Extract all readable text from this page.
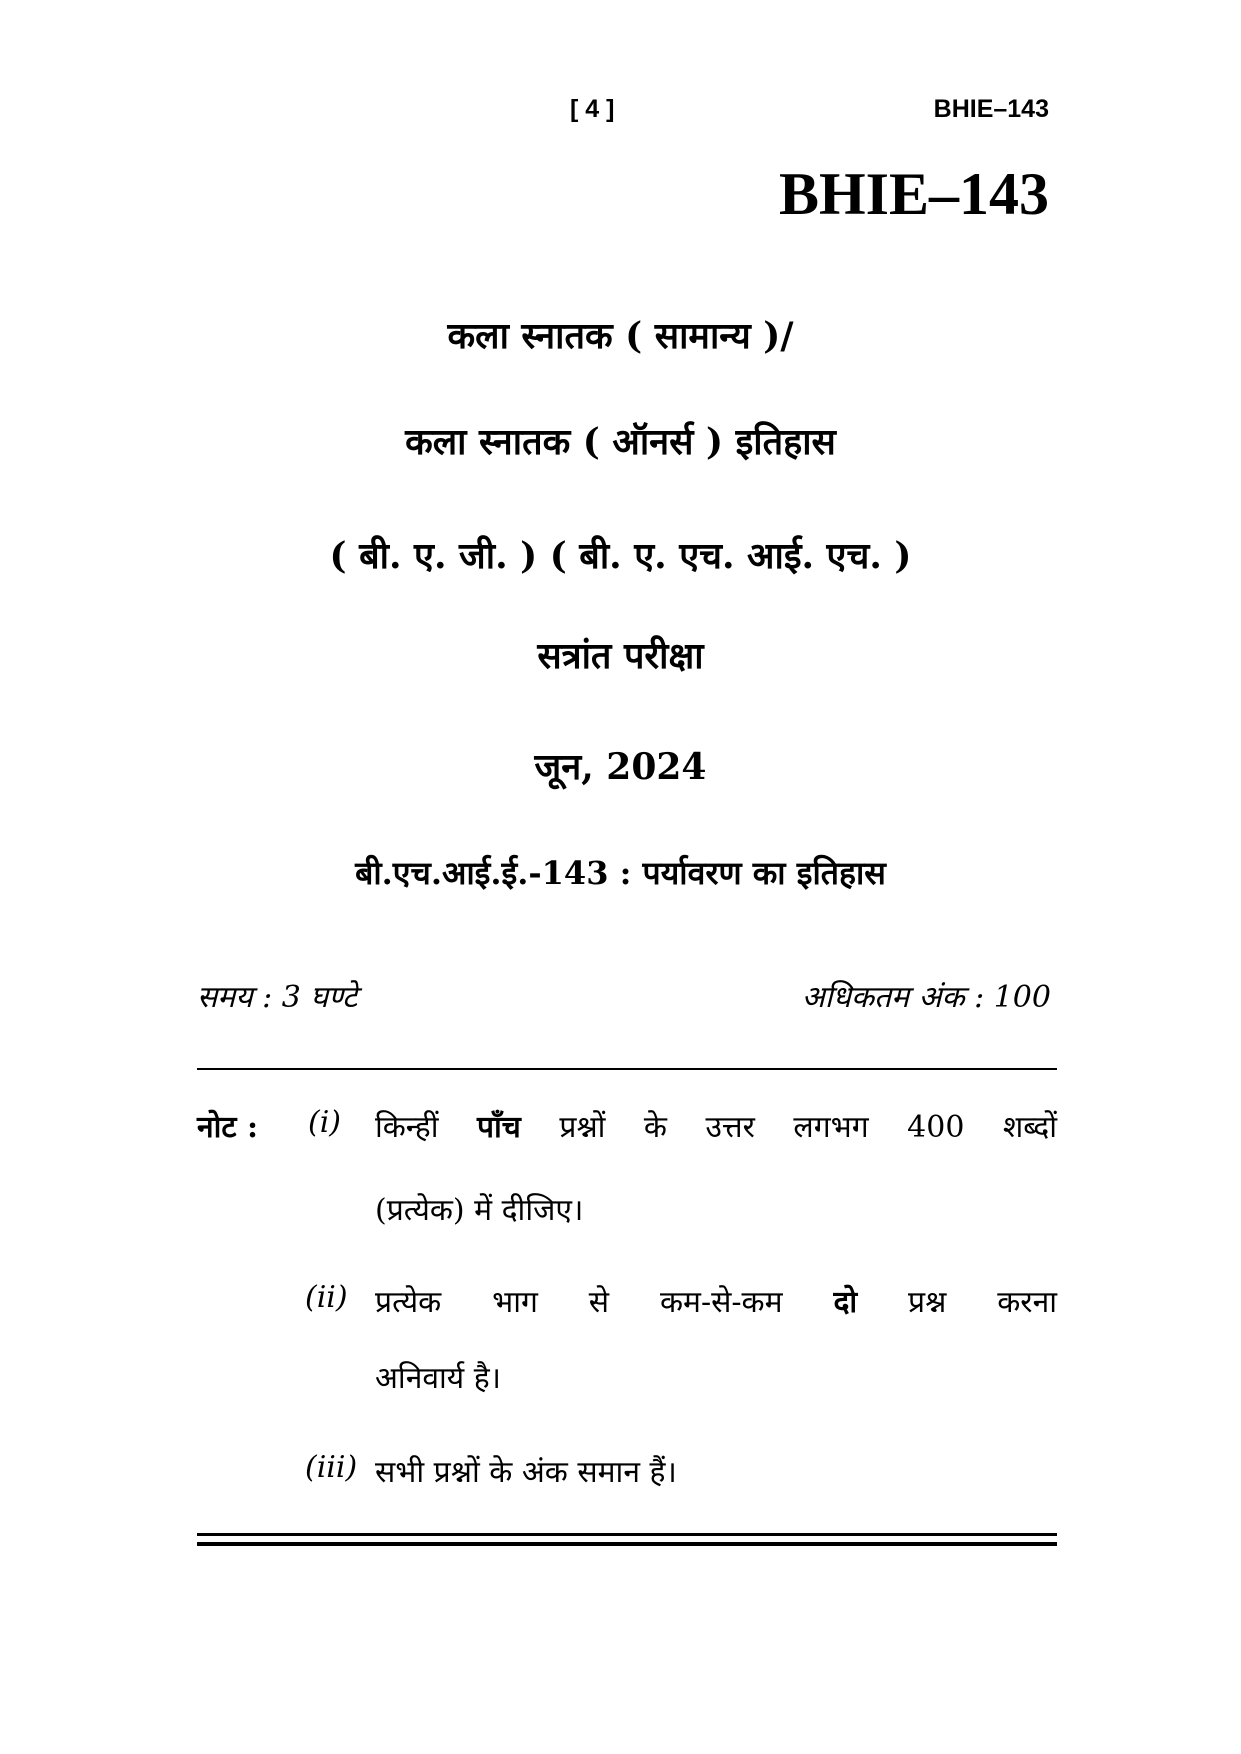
[ 4 ]	BHIE–143
BHIE–143
कला स्नातक ( सामान्य )/
कला स्नातक ( ऑनर्स ) इतिहास
( बी. ए. जी. ) ( बी. ए. एच. आई. एच. )
सत्रांत परीक्षा
जून, 2024
बी.एच.आई.ई.-143 : पर्यावरण का इतिहास
समय : 3 घण्टे	अधिकतम अंक : 100
नोट : (i) किन्हीं पाँच प्रश्नों के उत्तर लगभग 400 शब्दों
(प्रत्येक) में दीजिए।
(ii) प्रत्येक भाग से कम-से-कम दो प्रश्न करना
अनिवार्य है।
(iii) सभी प्रश्नों के अंक समान हैं।
